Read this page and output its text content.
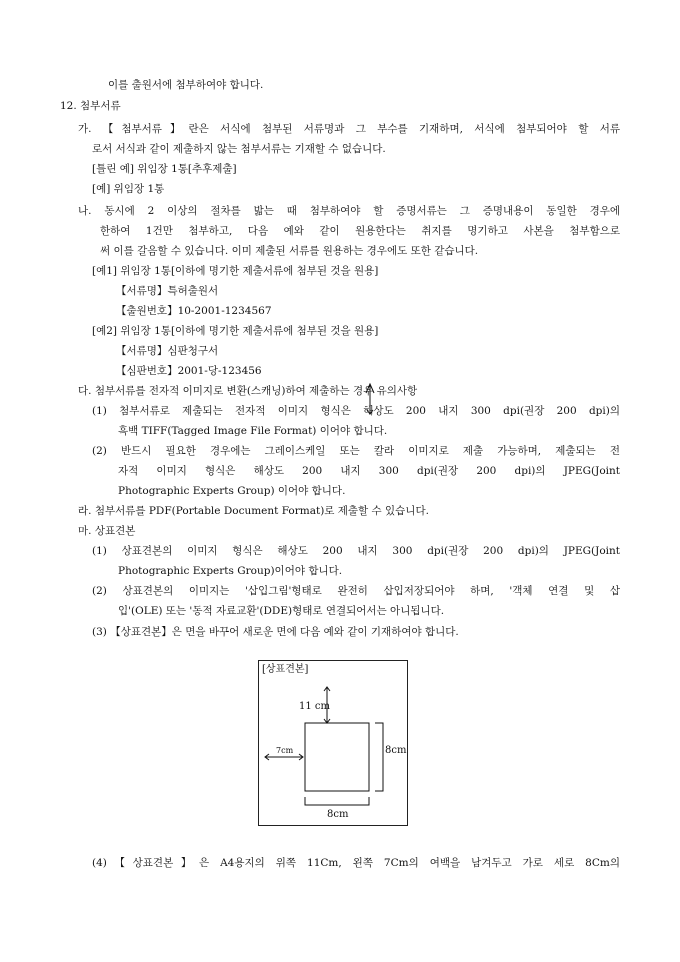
이를 출원서에 첨부하여야 합니다.
12. 첨부서류
가. 【첨부서류】란은 서식에 첨부된 서류명과 그 부수를 기재하며, 서식에 첨부되어야 할 서류
로서 서식과 같이 제출하지 않는 첨부서류는 기재할 수 없습니다.
[틀린 예] 위임장 1통[추후제출]
[예] 위임장 1통
나. 동시에 2 이상의 절차를 밟는 때 첨부하여야 할 증명서류는 그 증명내용이 동일한 경우에
한하여 1건만 첨부하고, 다음 예와 같이 원용한다는 취지를 명기하고 사본을 첨부함으로
써 이를 갈음할 수 있습니다. 이미 제출된 서류를 원용하는 경우에도 또한 같습니다.
[예1] 위임장 1통[이하에 명기한 제출서류에 첨부된 것을 원용]
【서류명】특허출원서
【출원번호】10-2001-1234567
[예2] 위임장 1통[이하에 명기한 제출서류에 첨부된 것을 원용]
【서류명】심판청구서
【심판번호】2001-당-123456
다. 첨부서류를 전자적 이미지로 변환(스캐닝)하여 제출하는 경우 유의사항
(1) 첨부서류로 제출되는 전자적 이미지 형식은 해상도 200 내지 300 dpi(권장 200 dpi)의
흑백 TIFF(Tagged Image File Format) 이어야 합니다.
(2) 반드시 필요한 경우에는 그레이스케일 또는 칼라 이미지로 제출 가능하며, 제출되는 전
자적 이미지 형식은 해상도 200 내지 300 dpi(권장 200 dpi)의 JPEG(Joint
Photographic Experts Group) 이어야 합니다.
라. 첨부서류를 PDF(Portable Document Format)로 제출할 수 있습니다.
마. 상표견본
(1) 상표견본의 이미지 형식은 해상도 200 내지 300 dpi(권장 200 dpi)의 JPEG(Joint
Photographic Experts Group)이어야 합니다.
(2) 상표견본의 이미지는 '삽입그림'형태로 완전히 삽입저장되어야 하며, '객체 연결 및 삽
입'(OLE) 또는 '동적 자료교환'(DDE)형태로 연결되어서는 아니됩니다.
(3) 【상표견본】은 면을 바꾸어 새로운 면에 다음 예와 같이 기재하여야 합니다.
[상표견본]
11 cm
7cm	8cm
8cm
(4)【상표견본】은 A4용지의 위쪽 11Cm, 왼쪽 7Cm의 여백을 남겨두고 가로 세로 8Cm의
